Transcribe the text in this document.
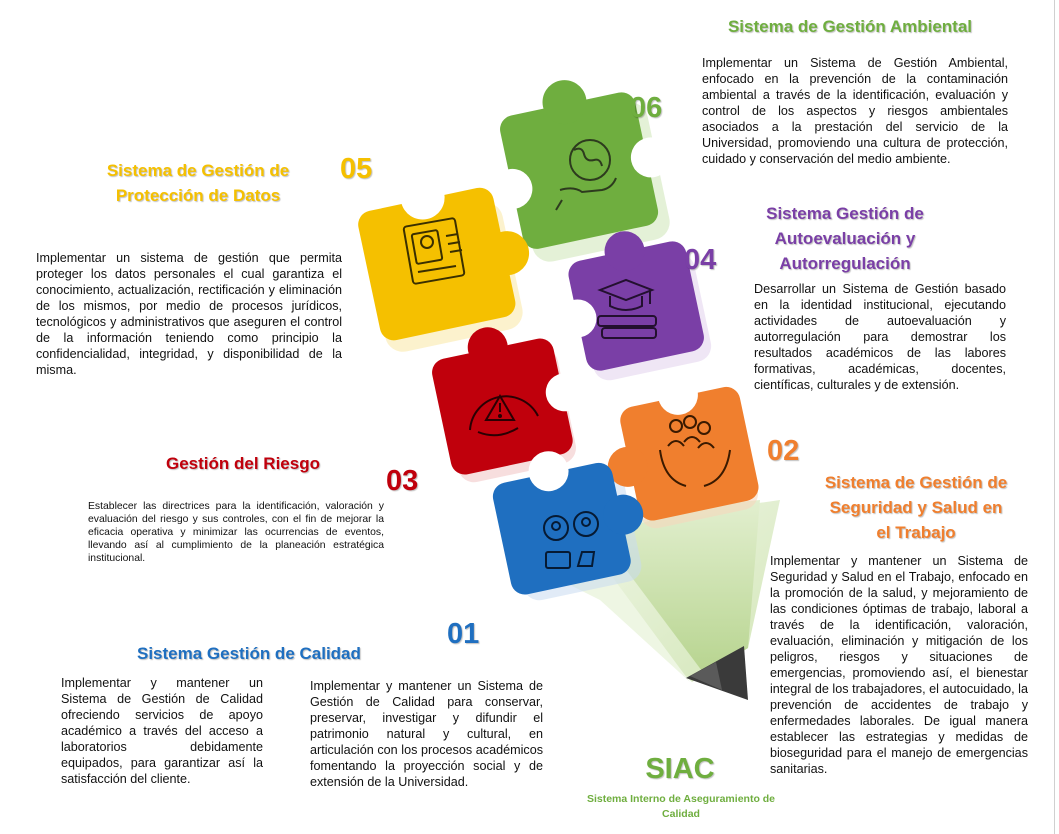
Sistema de Gestión Ambiental
Implementar un Sistema de Gestión Ambiental, enfocado en la prevención de la contaminación ambiental a través de la identificación, evaluación y control de los aspectos y riesgos ambientales asociados a la prestación del servicio de la Universidad, promoviendo una cultura de protección, cuidado y conservación del medio ambiente.
06
Sistema de Gestión de
Protección de Datos
05
Implementar un sistema de gestión que permita proteger los datos personales el cual garantiza el conocimiento, actualización, rectificación y eliminación de los mismos, por medio de procesos jurídicos, tecnológicos y administrativos que aseguren el control de la información teniendo como principio la confidencialidad, integridad, y disponibilidad de la misma.
04
Sistema Gestión de
Autoevaluación y
Autorregulación
Desarrollar un Sistema de Gestión basado en la identidad institucional, ejecutando actividades de autoevaluación y autorregulación para demostrar los resultados académicos de las labores formativas, académicas, docentes, científicas, culturales y de extensión.
Gestión del Riesgo
03
Establecer las directrices para la identificación, valoración y evaluación del riesgo y sus controles, con el fin de mejorar la eficacia operativa y minimizar las ocurrencias de eventos, llevando así al cumplimiento de la planeación estratégica institucional.
02
Sistema de Gestión de
Seguridad y Salud en
el Trabajo
Implementar y mantener un Sistema de Seguridad y Salud en el Trabajo, enfocado en la promoción de la salud, y mejoramiento de las condiciones óptimas de trabajo, laboral a través de la identificación, valoración, evaluación, eliminación y mitigación de los peligros, riesgos y situaciones de emergencias, promoviendo así, el bienestar integral de los trabajadores, el autocuidado, la prevención de accidentes de trabajo y enfermedades laborales. De igual manera establecer las estrategias y medidas de bioseguridad para el manejo de emergencias sanitarias.
01
Sistema Gestión de Calidad
Implementar y mantener un Sistema de Gestión de Calidad ofreciendo servicios de apoyo académico a través del acceso a laboratorios debidamente equipados, para garantizar así la satisfacción del cliente.
Implementar y mantener un Sistema de Gestión de Calidad para conservar, preservar, investigar y difundir el patrimonio natural y cultural, en articulación con los procesos académicos fomentando la proyección social y de extensión de la Universidad.	SIAC
Sistema Interno de Aseguramiento de
Calidad
